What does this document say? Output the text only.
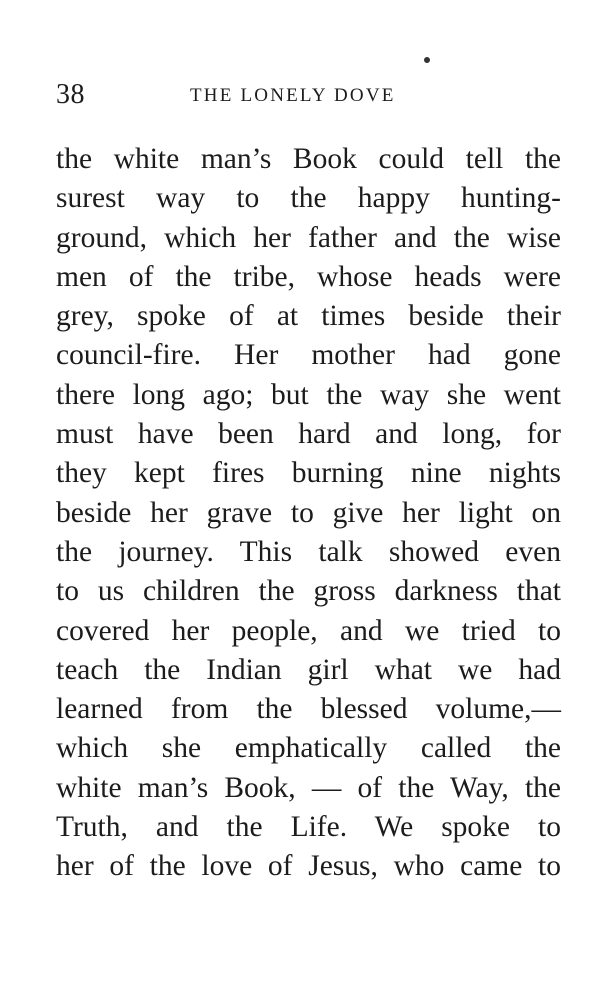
38	THE LONELY DOVE
the white man’s Book could tell the
surest way to the happy hunting-
ground, which her father and the wise
men of the tribe, whose heads were
grey, spoke of at times beside their
council-fire. Her mother had gone
there long ago; but the way she went
must have been hard and long, for
they kept fires burning nine nights
beside her grave to give her light on
the journey. This talk showed even
to us children the gross darkness that
covered her people, and we tried to
teach the Indian girl what we had
learned from the blessed volume,—
which she emphatically called the
white man’s Book, — of the Way, the
Truth, and the Life. We spoke to
her of the love of Jesus, who came to
